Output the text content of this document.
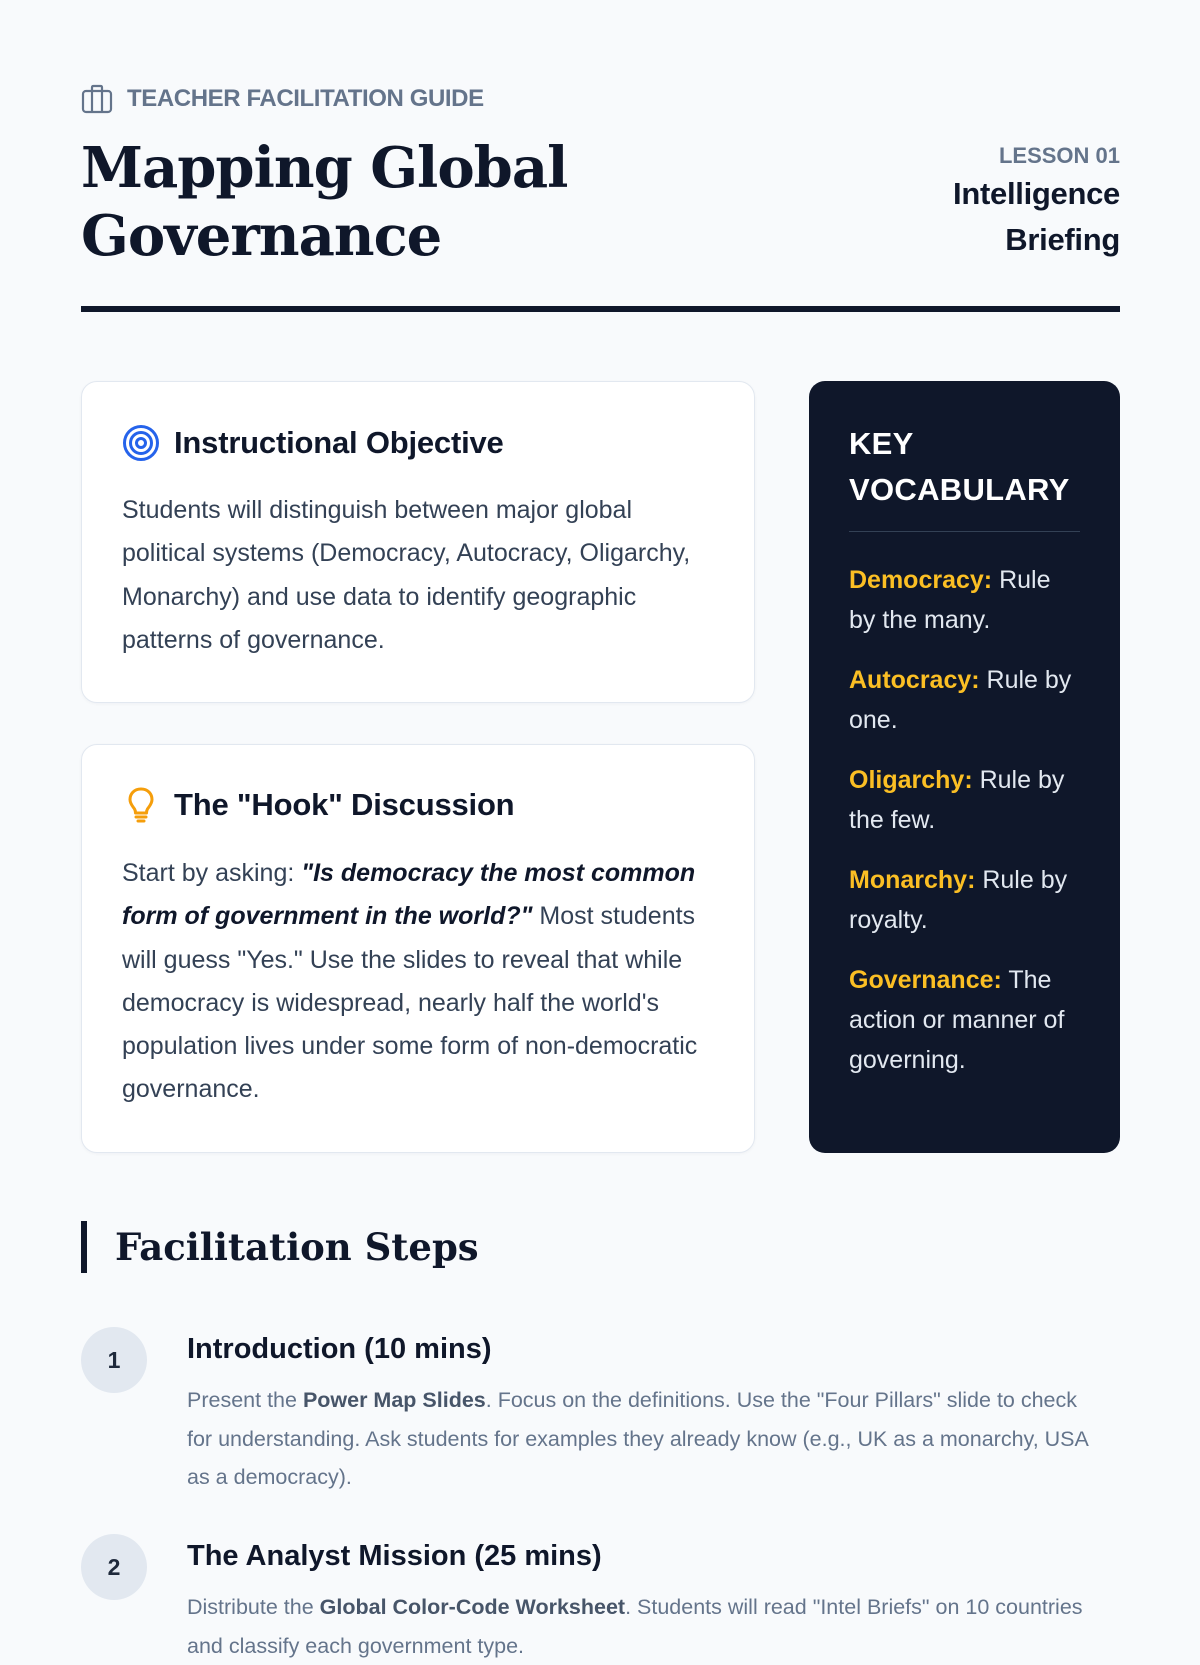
TEACHER FACILITATION GUIDE
Mapping Global Governance
LESSON 01
Intelligence Briefing
Instructional Objective

Students will distinguish between major global political systems (Democracy, Autocracy, Oligarchy, Monarchy) and use data to identify geographic patterns of governance.

The "Hook" Discussion

Start by asking: "Is democracy the most common form of government in the world?" Most students will guess "Yes." Use the slides to reveal that while democracy is widespread, nearly half the world's population lives under some form of non-democratic governance.

KEY VOCABULARY
Democracy: Rule by the many.
Autocracy: Rule by one.
Oligarchy: Rule by the few.
Monarchy: Rule by royalty.
Governance: The action or manner of governing.
Facilitation Steps
1	Introduction (10 mins)

Present the Power Map Slides. Focus on the definitions. Use the "Four Pillars" slide to check for understanding. Ask students for examples they already know (e.g., UK as a monarchy, USA as a democracy).

2	The Analyst Mission (25 mins)

Distribute the Global Color-Code Worksheet. Students will read "Intel Briefs" on 10 countries and classify each government type.
